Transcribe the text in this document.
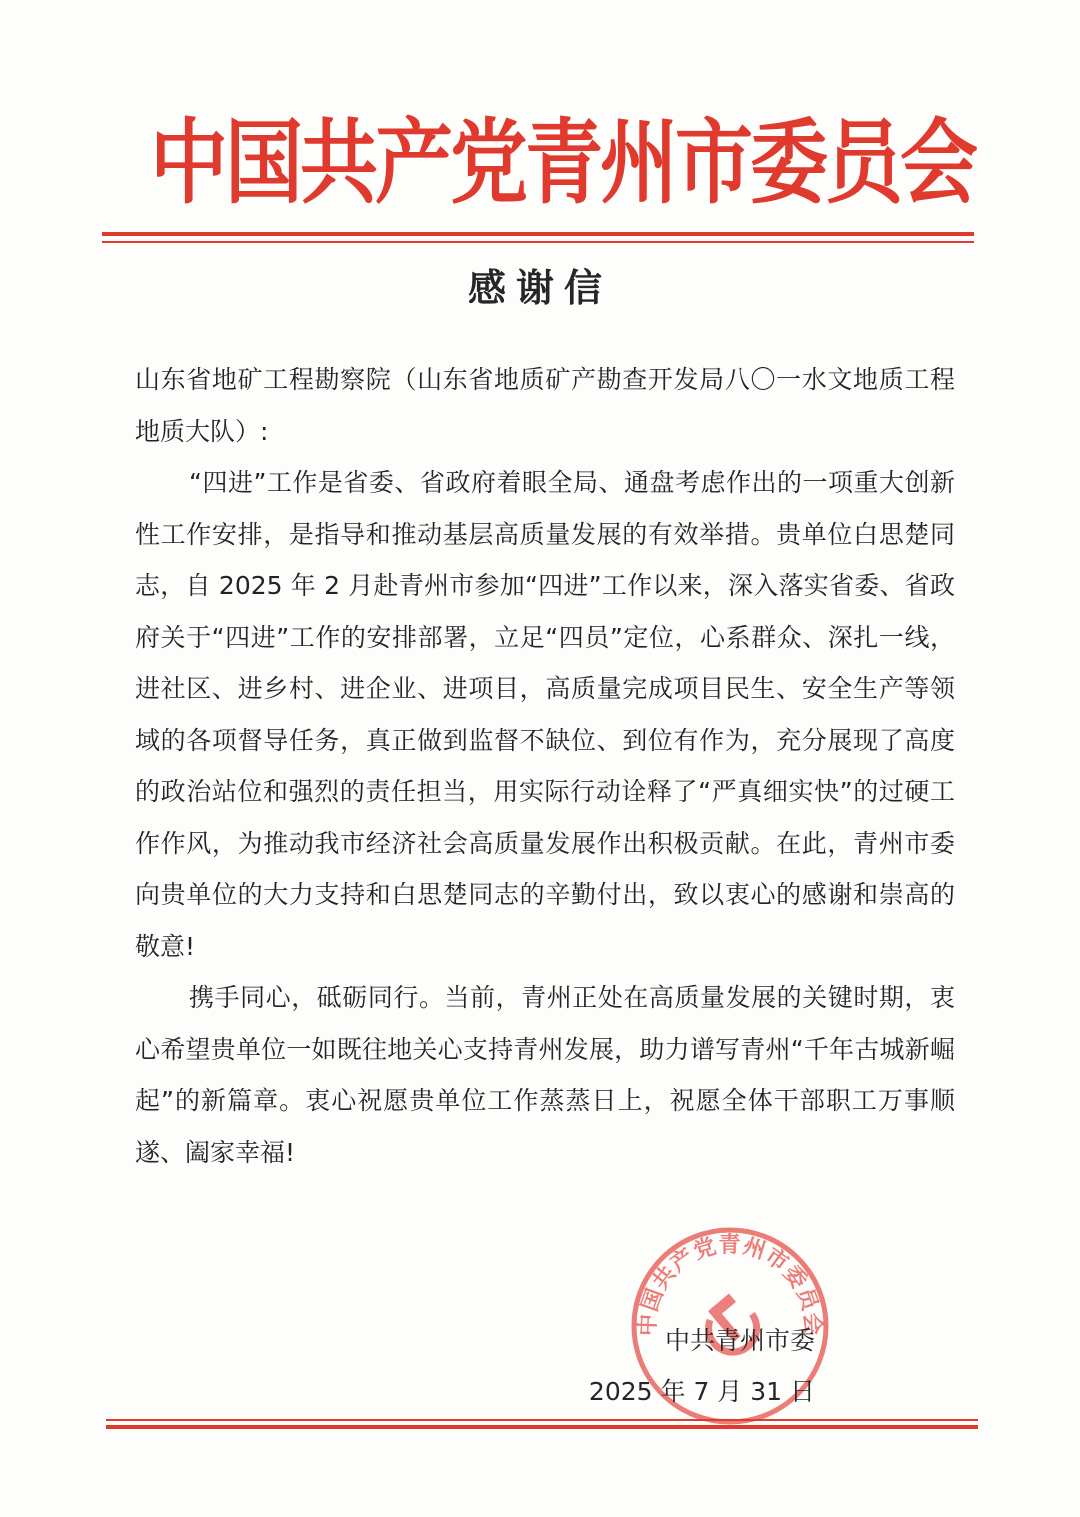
中国共产党青州市委员会
感谢信

山东省地矿工程勘察院（山东省地质矿产勘查开发局八〇一水文地质工程地质大队）:

“四进”工作是省委、省政府着眼全局、通盘考虑作出的一项重大创新性工作安排，是指导和推动基层高质量发展的有效举措。贵单位白思楚同志，自 2025 年 2 月赴青州市参加“四进”工作以来，深入落实省委、省政府关于“四进”工作的安排部署，立足“四员”定位，心系群众、深扎一线，进社区、进乡村、进企业、进项目，高质量完成项目民生、安全生产等领域的各项督导任务，真正做到监督不缺位、到位有作为，充分展现了高度的政治站位和强烈的责任担当，用实际行动诠释了“严真细实快”的过硬工作作风，为推动我市经济社会高质量发展作出积极贡献。在此，青州市委向贵单位的大力支持和白思楚同志的辛勤付出，致以衷心的感谢和崇高的敬意!

携手同心，砥砺同行。当前，青州正处在高质量发展的关键时期，衷心希望贵单位一如既往地关心支持青州发展，助力谱写青州“千年古城新崛起”的新篇章。衷心祝愿贵单位工作蒸蒸日上，祝愿全体干部职工万事顺遂、阖家幸福!

中国共产党青州市委员会
中共青州市委
2025 年 7 月 31 日
